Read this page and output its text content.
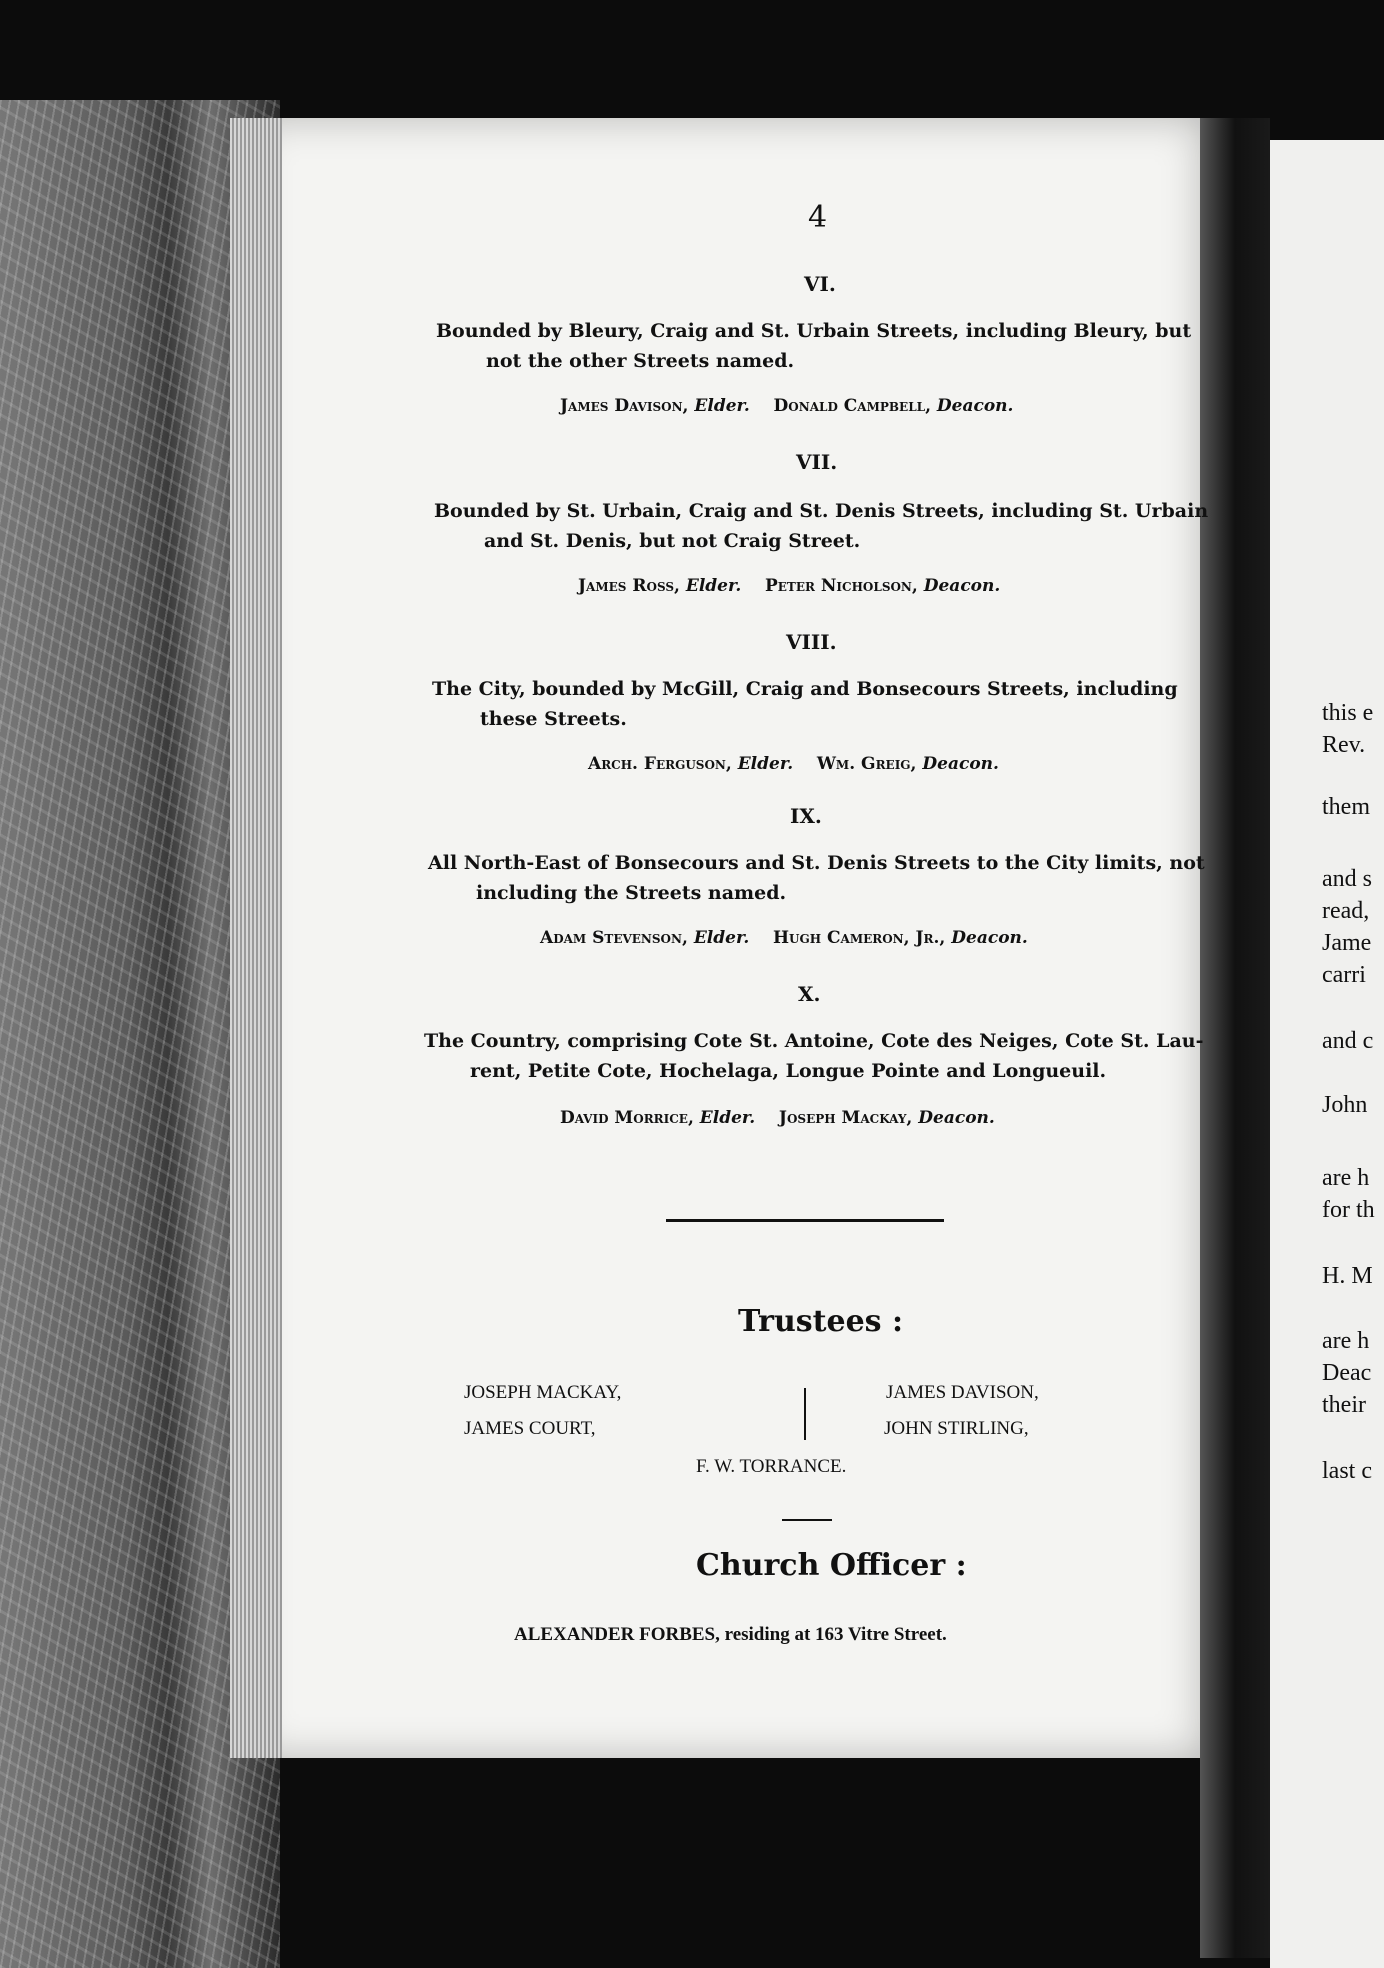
this e
Rev.
them
and s
read,
Jame
carri
and c
John
are h
for th
H. M
are h
Deac
their
last c
4
VI.
Bounded by Bleury, Craig and St. Urbain Streets, including Bleury, but
not the other Streets named.
James Davison, Elder. Donald Campbell, Deacon.
VII.
Bounded by St. Urbain, Craig and St. Denis Streets, including St. Urbain
and St. Denis, but not Craig Street.
James Ross, Elder. Peter Nicholson, Deacon.
VIII.
The City, bounded by McGill, Craig and Bonsecours Streets, including
these Streets.
Arch. Ferguson, Elder. Wm. Greig, Deacon.
IX.
All North-East of Bonsecours and St. Denis Streets to the City limits, not
including the Streets named.
Adam Stevenson, Elder. Hugh Cameron, Jr., Deacon.
X.
The Country, comprising Cote St. Antoine, Cote des Neiges, Cote St. Lau-
rent, Petite Cote, Hochelaga, Longue Pointe and Longueuil.
David Morrice, Elder. Joseph Mackay, Deacon.
Trustees :
JOSEPH MACKAY,
JAMES COURT,
JAMES DAVISON,
JOHN STIRLING,
F. W. TORRANCE.
Church Officer :
ALEXANDER FORBES, residing at 163 Vitre Street.
